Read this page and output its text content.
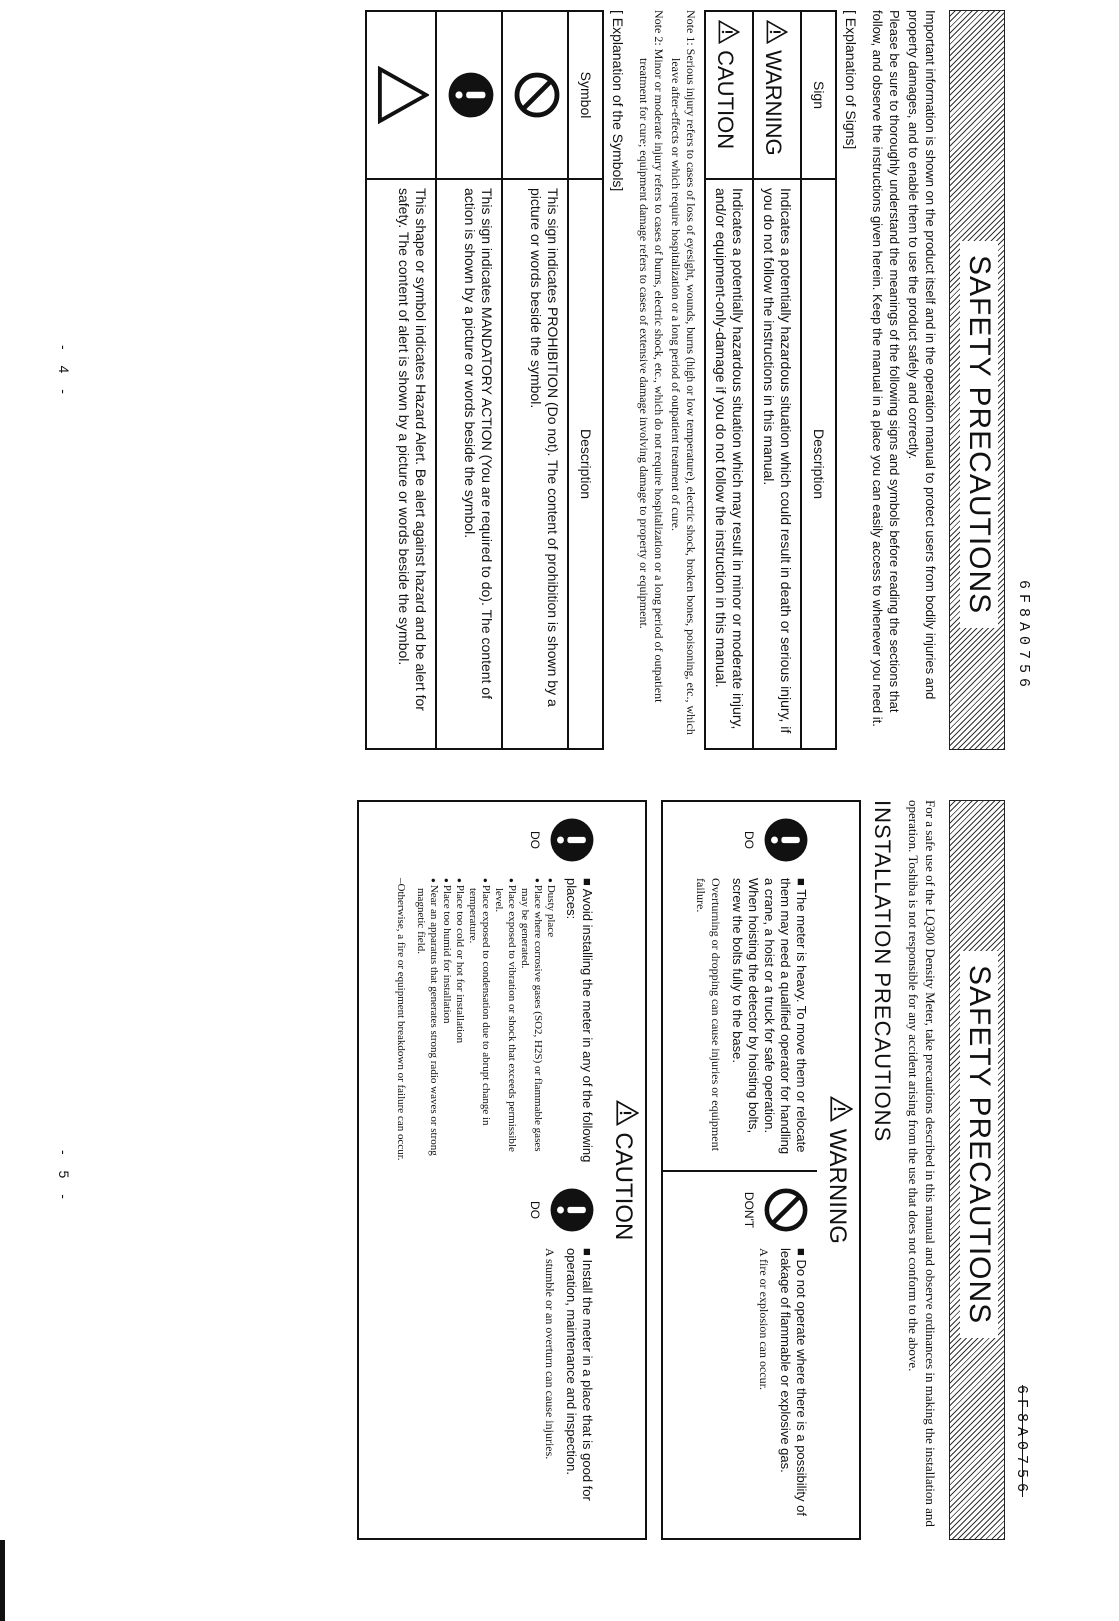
SAFETY PRECAUTIONS

Important information is shown on the product itself and in the operation manual to protect users from bodily injuries and property damages, and to enable them to use the product safely and correctly.

Please be sure to thoroughly understand the meanings of the following signs and symbols before reading the sections that follow, and observe the instructions given herein. Keep the manual in a place you can easily access to whenever you need it.

[ Explanation of Signs]
Sign	Description
WARNING	Indicates a potentially hazardous situation which could result in death or serious injury, if you do not follow the instructions in this manual.
CAUTION	Indicates a potentially hazardous situation which may result in minor or moderate injury, and/or equipment-only-damage if you do not follow the instruction in this manual.

Note 1: Serious injury refers to cases of loss of eyesight, wounds, burns (high or low temperature), electric shock, broken bones, poisoning, etc., which leave after-effects or which require hospitalization or a long period of outpatient treatment of cure.

Note 2: Minor or moderate injury refers to cases of burns, electric shock, etc., which do not require hospitalization or a long period of outpatient treatment for cure; equipment damage refers to cases of extensive damage involving damage to property or equipment.

[ Explanation of the Symbols]
Symbol	Description
	This sign indicates PROHIBITION (Do not). The content of prohibition is shown by a picture or words beside the symbol.
	This sign indicates MANDATORY ACTION (You are required to do). The content of action is shown by a picture or words beside the symbol.
	This shape or symbol indicates Hazard Alert. Be alert against hazard and be alert for safety. The content of alert is shown by a picture or words beside the symbol.	6F8A0756
- 4 -
SAFETY PRECAUTIONS

For a safe use of the LQ300 Density Meter, take precautions described in this manual and observe ordinances in making the installation and operation. Toshiba is not responsible for any accident arising from the use that does not conform to the above.

INSTALLATION PRECAUTIONS
WARNING
DO
■ The meter is heavy. To move them or relocate them may need a qualified operator for handling a crane, a hoist or a truck for safe operation. When hoisting the detector by hoisting bolts, screw the bolts fully to the base.
Overturning or dropping can cause injuries or equipment failure.
DON'T
■ Do not operate where there is a possibility of leakage of flammable or explosive gas.
A fire or explosion can occur.
CAUTION
DO
■ Avoid installing the meter in any of the following places:
● Dusty place
● Place where corrosive gases (SO2, H2S) or flammable gases may be generated.
● Place exposed to vibration or shock that exceeds permissible level.
● Place exposed to condensation due to abrupt change in temperature.
● Place too cold or hot for installation
● Place too humid for installation
● Near an apparatus that generates strong radio waves or strong magnetic field.
–Otherwise, a fire or equipment breakdown or failure can occur.
DO
■ Install the meter in a place that is good for operation, maintenance and inspection.
A stumble or an overturn can cause injuries.	6F8A0756
- 5 -
